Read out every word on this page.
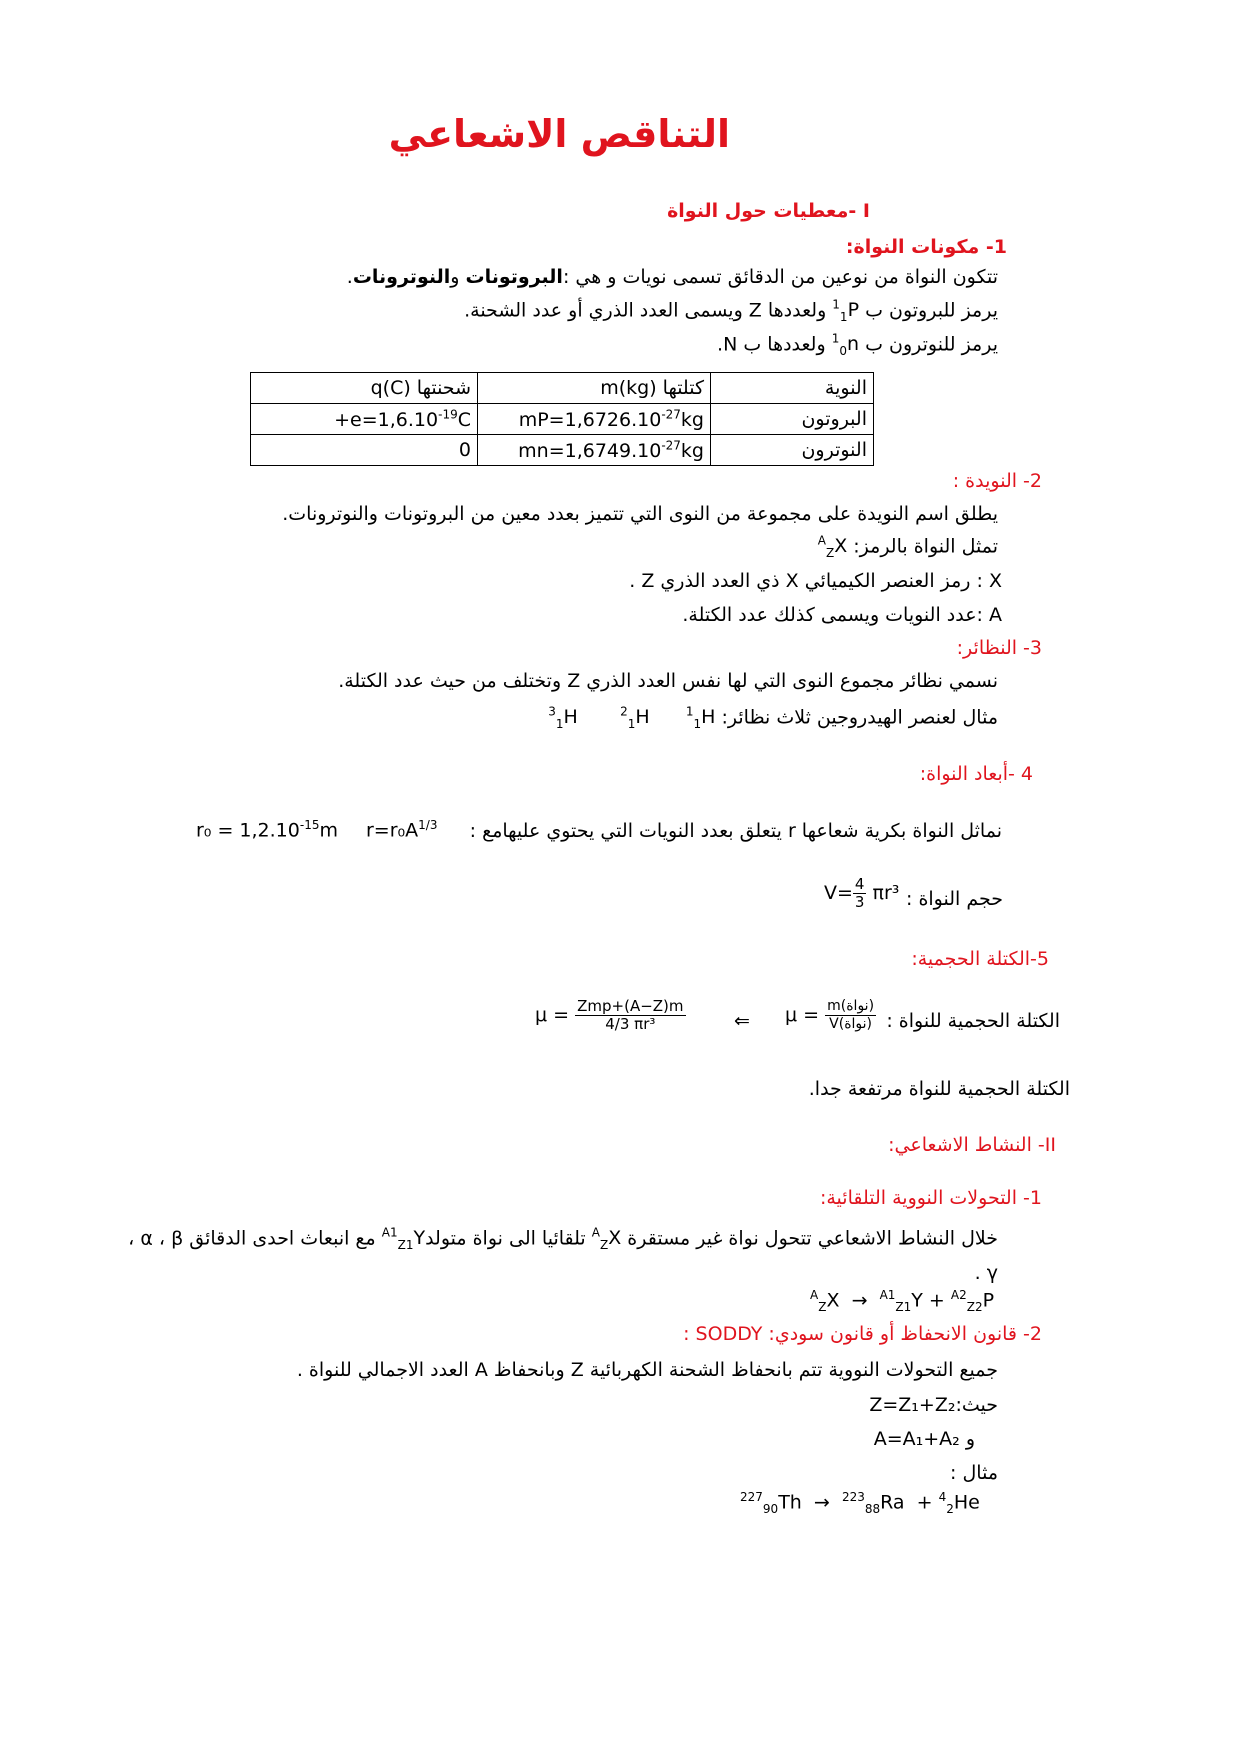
التناقص الاشعاعي
I -معطيات حول النواة
1- مكونات النواة:
تتكون النواة من نوعين من الدقائق تسمى نويات و هي :البروتونات والنوترونات.
يرمز للبروتون ب $^1_1$P ولعددها Z ويسمى العدد الذري أو عدد الشحنة.
يرمز للنوترون ب $^1_0$n ولعددها ب N.
النوية	كتلتها m(kg)	شحنتها q(C)
البروتون	$mP=1,6726.10^{-27}kg$	$+e=1,6.10^{-19}C$
النوترون	$mn=1,6749.10^{-27}kg$	0
2- النويدة :
يطلق اسم النويدة على مجموعة من النوى التي تتميز بعدد معين من البروتونات والنوترونات.
تمثل النواة بالرمز: $^A_Z$X
X : رمز العنصر الكيميائي X ذي العدد الذري Z .
A :عدد النويات ويسمى كذلك عدد الكتلة.
3- النظائر:
نسمي نظائر مجموع النوى التي لها نفس العدد الذري Z وتختلف من حيث عدد الكتلة.
مثال لعنصر الهيدروجين ثلاث نظائر: $^3_1$H       $^2_1$H      $^1_1$H
4 -أبعاد النواة:
نماثل النواة بكرية شعاعها r يتعلق بعدد النويات التي يحتوي عليهامع :
$r=r_0A^{1/3}$
$r_0 = 1,2.10^{-15}m$
حجم النواة :
$V= \frac{4}{3} \pi r^3$
5-الكتلة الحجمية:
الكتلة الحجمية للنواة :
$\mu = \frac{\text{m(نواة)}}{\text{V(نواة)}}$
⇐
$\mu = \frac{\text{Zmp+(A−Z)m}}{\text{4/3 πr³}}$
الكتلة الحجمية للنواة مرتفعة جدا.
II- النشاط الاشعاعي:
1- التحولات النووية التلقائية:
خلال النشاط الاشعاعي تتحول نواة غير مستقرة $^A_Z$X تلقائيا الى نواة متولد$^{A1}_{Z1}$Y مع انبعاث احدى الدقائق α ، β ،
γ .
$^A_Z$X  → $^{A1}_{Z1}$Y + $^{A2}_{Z2}$P
2- قانون الانحفاظ أو قانون سودي: SODDY :
جميع التحولات النووية تتم بانحفاظ الشحنة الكهربائية Z وبانحفاظ A العدد الاجمالي للنواة .
حيث:Z=Z₁+Z₂
و A=A₁+A₂
مثال :
$^{227}_{90}$Th  → $^{223}_{88}$Ra  + $^4_2$He
